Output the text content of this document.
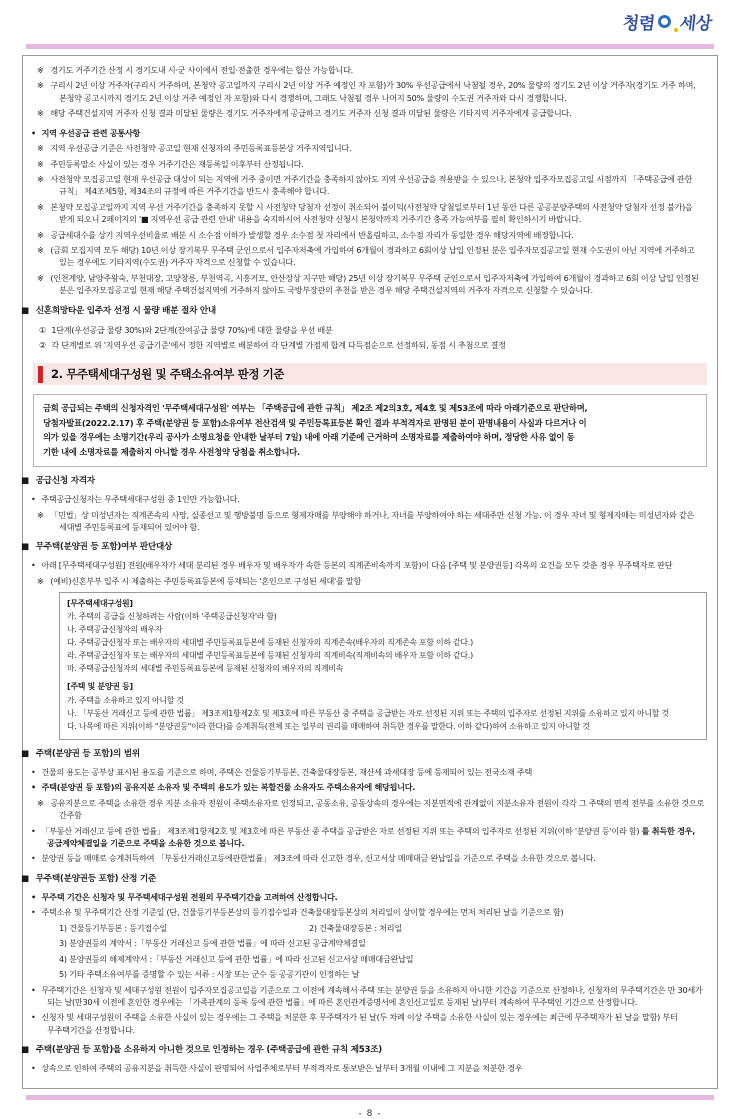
청렴 세상

※ 경기도 거주기간 산정 시 경기도내 시·군 사이에서 전입·전출한 경우에는 합산 가능합니다.

※ 구리시 2년 이상 거주자(구리시 거주하며, 본청약 공고일까지 구리시 2년 이상 거주 예정인 자 포함)가 30% 우선공급에서 낙첨될 경우, 20% 물량의 경기도 2년 이상 거주자(경기도 거주 하며, 본청약 공고시까지 경기도 2년 이상 거주 예정인 자 포함)와 다시 경쟁하며, 그래도 낙첨될 경우 나머지 50% 물량의 수도권 거주자와 다시 경쟁합니다.

※ 해당 주택건설지역 거주자 신청 결과 미달된 물량은 경기도 거주자에게 공급하고 경기도 거주자 신청 결과 미달된 물량은 기타지역 거주자에게 공급합니다.

• 지역 우선공급 관련 공통사항

※ 지역 우선공급 기준은 사전청약 공고일 현재 신청자의 주민등록표등본상 거주지역입니다.

※ 주민등록말소 사실이 있는 경우 거주기간은 재등록일 이후부터 산정됩니다.

※ 사전청약 모집공고일 현재 우선공급 대상이 되는 지역에 거주 중이면 거주기간을 충족하지 않아도 지역 우선공급을 적용받을 수 있으나, 본청약 입주자모집공고일 시점까지 「주택공급에 관한 규칙」 제4조제5항, 제34조의 규정에 따른 거주기간을 반드시 충족해야 합니다.

※ 본청약 모집공고일까지 지역 우선 거주기간을 충족하지 못할 시 사전청약 당첨자 선정이 취소되어 불이익(사전청약 당첨일로부터 1년 동안 다른 공공분양주택의 사전청약 당첨자 선정 불가)을 받게 되오니 2페이지의 '■ 지역우선 공급 관련 안내' 내용을 숙지하시어 사전청약 신청시 본청약까지 거주기간 충족 가능여부를 필히 확인하시기 바랍니다.

※ 공급세대수를 상기 지역우선비율로 배분 시 소수점 이하가 발생할 경우 소수점 첫 자리에서 반올림하고, 소수점 자리가 동일한 경우 해당지역에 배정합니다.

※ (금회 모집지역 모두 해당) 10년 이상 장기복무 무주택 군인으로서 입주자저축에 가입하여 6개월이 경과하고 6회이상 납입 인정된 분은 입주자모집공고일 현재 수도권이 아닌 지역에 거주하고 있는 경우에도 기타지역(수도권) 거주자 자격으로 신청할 수 있습니다.

※ (인천계양, 남양주왕숙, 부천대장, 고양창릉, 부천역곡, 시흥거모, 안산장상 지구만 해당) 25년 이상 장기복무 무주택 군인으로서 입주자저축에 가입하여 6개월이 경과하고 6회 이상 납입 인정된 분은 입주자모집공고일 현재 해당 주택건설지역에 거주하지 않아도 국방부장관의 추천을 받은 경우 해당 주택건설지역의 거주자 자격으로 신청할 수 있습니다.

■ 신혼희망타운 입주자 선정 시 물량 배분 절차 안내

① 1단계(우선공급 물량 30%)와 2단계(잔여공급 물량 70%)에 대한 물량을 우선 배분

② 각 단계별로 위 '지역우선 공급기준'에서 정한 지역별로 배분하여 각 단계별 가점제 합계 다득점순으로 선정하되, 동점 시 추첨으로 결정

2. 무주택세대구성원 및 주택소유여부 판정 기준

금회 공급되는 주택의 신청자격인 '무주택세대구성원' 여부는 「주택공급에 관한 규칙」 제2조 제2의3호, 제4호 및 제53조에 따라 아래기준으로 판단하며,

당첨자발표(2022.2.17) 후 주택(분양권 등 포함)소유여부 전산검색 및 주민등록표등본 확인 결과 부적격자로 판명된 분이 판명내용이 사실과 다르거나 이

의가 있을 경우에는 소명기간(우리 공사가 소명요청을 안내한 날부터 7일) 내에 아래 기준에 근거하여 소명자료를 제출하여야 하며, 정당한 사유 없이 동

기한 내에 소명자료를 제출하지 아니할 경우 사전청약 당첨을 취소합니다.

■ 공급신청 자격자

• 주택공급신청자는 무주택세대구성원 중 1인만 가능합니다.

※ 「민법」상 미성년자는 직계존속의 사망, 실종선고 및 행방불명 등으로 형제자매를 부양해야 하거나, 자녀를 부양하여야 하는 세대주만 신청 가능. 이 경우 자녀 및 형제자매는 미성년자와 같은 세대별 주민등록표에 등재되어 있어야 함.

■ 무주택(분양권 등 포함)여부 판단대상

• 아래 [무주택세대구성원] 전원(배우자가 세대 분리된 경우 배우자 및 배우자가 속한 등본의 직계존비속까지 포함)이 다음 [주택 및 분양권등] 각목의 요건을 모두 갖춘 경우 무주택자로 판단

※ (예비)신혼부부 입주 시 제출하는 주민등록표등본에 등재되는 '혼인으로 구성된 세대'를 말함

[무주택세대구성원]

가. 주택의 공급을 신청하려는 사람(이하 '주택공급신청자'라 함)

나. 주택공급신청자의 배우자

다. 주택공급신청자 또는 배우자의 세대별 주민등록표등본에 등재된 신청자의 직계존속(배우자의 직계존속 포함 이하 같다.)

라. 주택공급신청자 또는 배우자의 세대별 주민등록표등본에 등재된 신청자의 직계비속(직계비속의 배우자 포함 이하 같다.)

마. 주택공급신청자의 세대별 주민등록표등본에 등재된 신청자의 배우자의 직계비속

[주택 및 분양권 등]

가. 주택을 소유하고 있지 아니할 것

나. 「부동산 거래신고 등에 관한 법률」 제3조제1항제2호 및 제3호에 따른 부동산 중 주택을 공급받는 자로 선정된 지위 또는 주택의 입주자로 선정된 지위를 소유하고 있지 아니할 것

다. 나목에 따른 지위(이하 "분양권등"이라 한다)를 승계취득(전체 또는 일부의 권리를 매매하여 취득한 경우를 말한다. 이하 같다)하여 소유하고 있지 아니할 것

■ 주택(분양권 등 포함)의 범위

• 건물의 용도는 공부상 표시된 용도를 기준으로 하며, 주택은 건물등기부등본, 건축물대장등본, 재산세 과세대장 등에 등재되어 있는 전국소재 주택

• 주택(분양권 등 포함)의 공유지분 소유자 및 주택의 용도가 있는 복합건물 소유자도 주택소유자에 해당됩니다.

※ 공유지분으로 주택을 소유한 경우 지분 소유자 전원이 주택소유자로 인정되고, 공동소유, 공동상속의 경우에는 지분면적에 관계없이 지분소유자 전원이 각각 그 주택의 면적 전부를 소유한 것으로 간주함

• 「부동산 거래신고 등에 관한 법률」 제3조제1항제2호 및 제3호에 따른 부동산 중 주택을 공급받은 자로 선정된 지위 또는 주택의 입주자로 선정된 지위(이하 '분양권 등'이라 함) 를 취득한 경우, 공급계약체결일을 기준으로 주택을 소유한 것으로 봅니다.

• 분양권 등을 매매로 승계취득하여 「부동산거래신고등에관한법률」 제3조에 따라 신고한 경우, 신고서상 매매대금 완납일을 기준으로 주택을 소유한 것으로 봅니다.

■ 무주택(분양권등 포함) 산정 기준

• 무주택 기간은 신청자 및 무주택세대구성원 전원의 무주택기간을 고려하여 산정합니다.

• 주택소유 및 무주택기간 산정 기준일 (단, 건물등기부등본상의 등기접수일과 건축물대장등본상의 처리일이 상이할 경우에는 먼저 처리된 날을 기준으로 함)

1) 건물등기부등본 : 등기접수일	2) 건축물대장등본 : 처리일

3) 분양권등의 계약서 :「부동산 거래신고 등에 관한 법률」에 따라 신고된 공급계약체결일

4) 분양권등의 해제계약서 :「부동산 거래신고 등에 관한 법률」에 따라 신고된 신고서상 매매대금완납일

5) 기타 주택소유여부를 증명할 수 있는 서류 : 시장 또는 군수 등 공공기관이 인정하는 날

• 무주택기간은 신청자 및 세대구성원 전원이 입주자모집공고일을 기준으로 그 이전에 계속해서 주택 또는 분양권 등을 소유하지 아니한 기간을 기준으로 산정하나, 신청자의 무주택기간은 만 30세가 되는 날(만30세 이전에 혼인한 경우에는 「가족관계의 등록 등에 관한 법률」에 따른 혼인관계증명서에 혼인신고일로 등재된 날)부터 계속하여 무주택인 기간으로 산정합니다.

• 신청자 및 세대구성원이 주택을 소유한 사실이 있는 경우에는 그 주택을 처분한 후 무주택자가 된 날(두 차례 이상 주택을 소유한 사실이 있는 경우에는 최근에 무주택자가 된 날을 말함) 부터 무주택기간을 산정합니다.

■ 주택(분양권 등 포함)을 소유하지 아니한 것으로 인정하는 경우 (주택공급에 관한 규칙 제53조)

• 상속으로 인하여 주택의 공유지분을 취득한 사실이 판명되어 사업주체로부터 부적격자로 통보받은 날부터 3개월 이내에 그 지분을 처분한 경우

- 8 -
